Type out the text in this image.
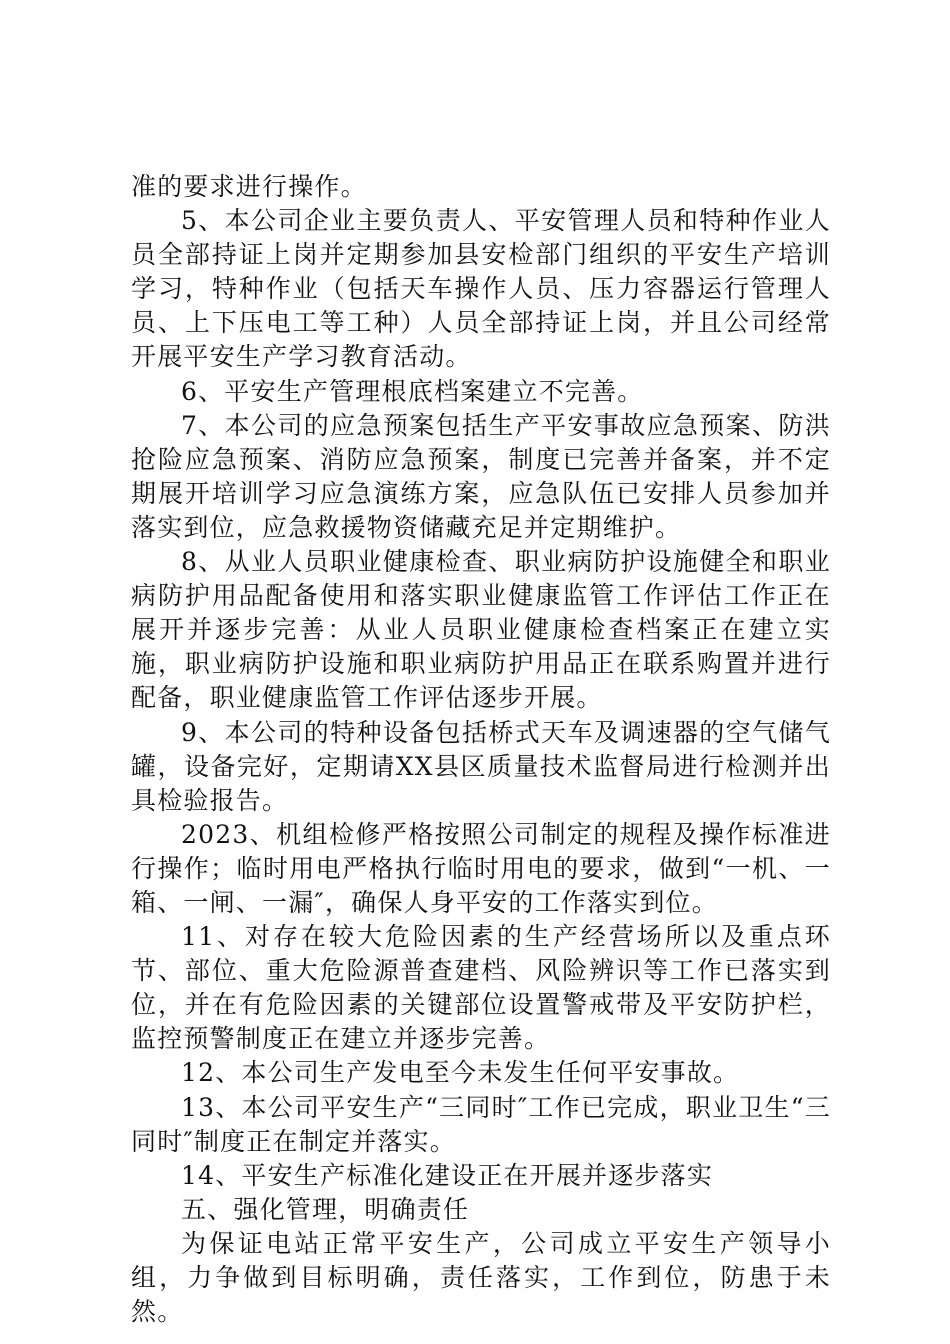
准的要求进行操作。

5、本公司企业主要负责人、平安管理人员和特种作业人员全部持证上岗并定期参加县安检部门组织的平安生产培训学习，特种作业（包括天车操作人员、压力容器运行管理人员、上下压电工等工种）人员全部持证上岗，并且公司经常开展平安生产学习教育活动。

6、平安生产管理根底档案建立不完善。

7、本公司的应急预案包括生产平安事故应急预案、防洪抢险应急预案、消防应急预案，制度已完善并备案，并不定期展开培训学习应急演练方案，应急队伍已安排人员参加并落实到位，应急救援物资储藏充足并定期维护。

8、从业人员职业健康检查、职业病防护设施健全和职业病防护用品配备使用和落实职业健康监管工作评估工作正在展开并逐步完善：从业人员职业健康检查档案正在建立实施，职业病防护设施和职业病防护用品正在联系购置并进行配备，职业健康监管工作评估逐步开展。

9、本公司的特种设备包括桥式天车及调速器的空气储气罐，设备完好，定期请XX县区质量技术监督局进行检测并出具检验报告。

2023、机组检修严格按照公司制定的规程及操作标准进行操作；临时用电严格执行临时用电的要求，做到“一机、一箱、一闸、一漏″，确保人身平安的工作落实到位。

11、对存在较大危险因素的生产经营场所以及重点环节、部位、重大危险源普查建档、风险辨识等工作已落实到位，并在有危险因素的关键部位设置警戒带及平安防护栏，监控预警制度正在建立并逐步完善。

12、本公司生产发电至今未发生任何平安事故。

13、本公司平安生产“三同时″工作已完成，职业卫生“三同时″制度正在制定并落实。

14、平安生产标准化建设正在开展并逐步落实

五、强化管理，明确责任

为保证电站正常平安生产，公司成立平安生产领导小组，力争做到目标明确，责任落实，工作到位，防患于未然。
